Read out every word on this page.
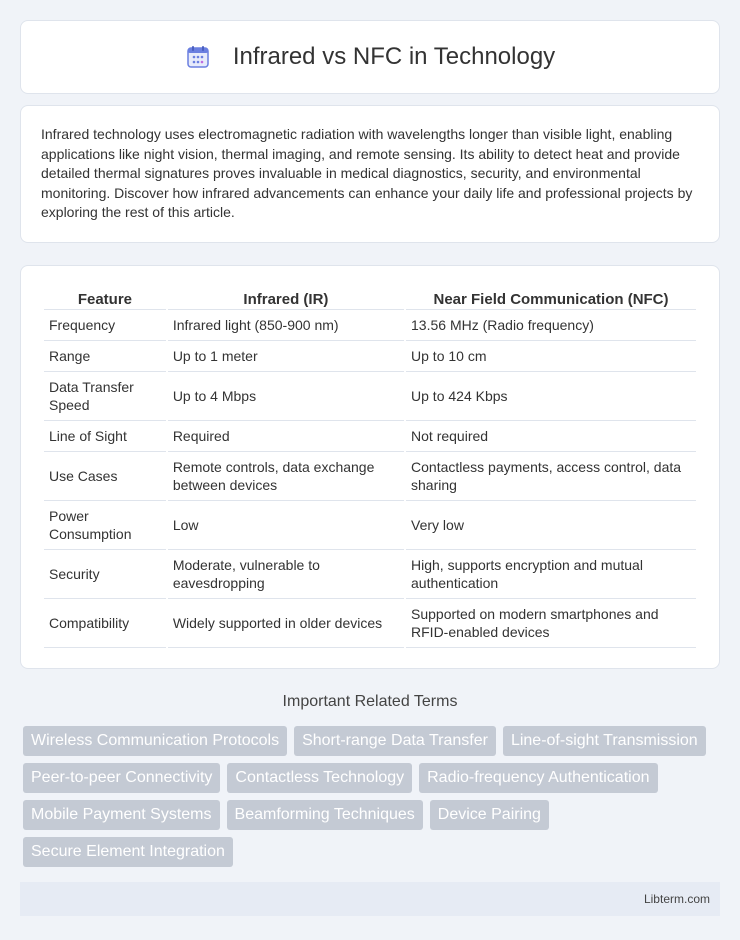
Infrared vs NFC in Technology

Infrared technology uses electromagnetic radiation with wavelengths longer than visible light, enabling applications like night vision, thermal imaging, and remote sensing. Its ability to detect heat and provide detailed thermal signatures proves invaluable in medical diagnostics, security, and environmental monitoring. Discover how infrared advancements can enhance your daily life and professional projects by exploring the rest of this article.

Feature	Infrared (IR)	Near Field Communication (NFC)
Frequency	Infrared light (850-900 nm)	13.56 MHz (Radio frequency)
Range	Up to 1 meter	Up to 10 cm
Data Transfer Speed	Up to 4 Mbps	Up to 424 Kbps
Line of Sight	Required	Not required
Use Cases	Remote controls, data exchange between devices	Contactless payments, access control, data sharing
Power Consumption	Low	Very low
Security	Moderate, vulnerable to eavesdropping	High, supports encryption and mutual authentication
Compatibility	Widely supported in older devices	Supported on modern smartphones and RFID-enabled devices
Important Related Terms
Wireless Communication Protocols	Short-range Data Transfer	Line-of-sight Transmission
Peer-to-peer Connectivity	Contactless Technology	Radio-frequency Authentication
Mobile Payment Systems	Beamforming Techniques	Device Pairing
Secure Element Integration
Libterm.com
